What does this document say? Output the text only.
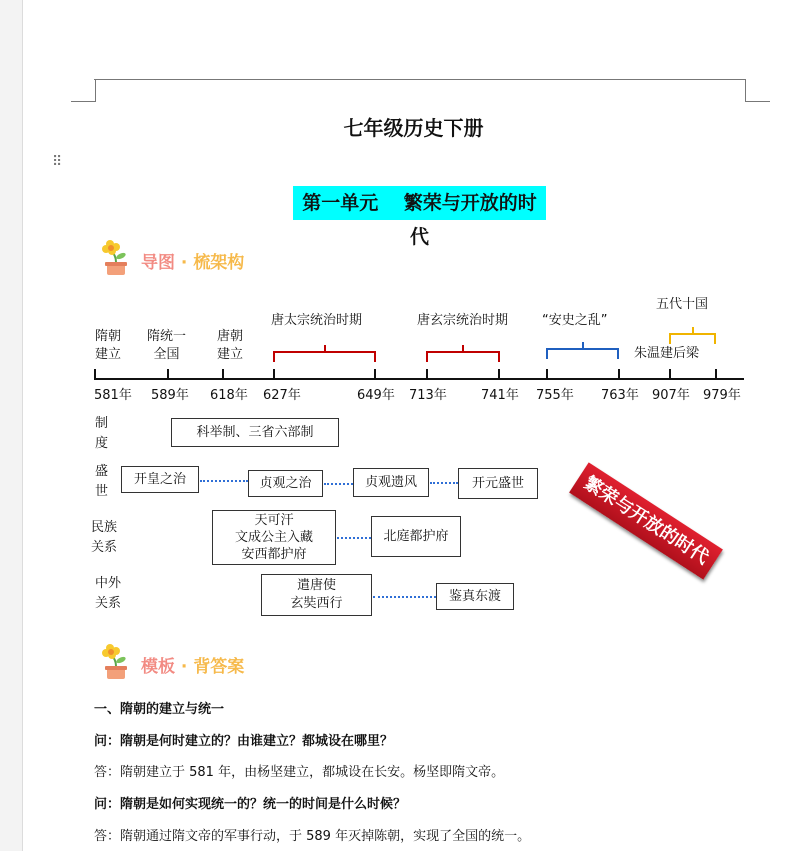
⠿
七年级历史下册
第一单元　 繁荣与开放的时代
导图 · 梳架构
隋朝
建立
隋统一
全国
唐朝
建立
唐太宗统治时期	唐玄宗统治时期	“安史之乱”
五代十国
朱温建后梁
581年 589年 618年 627年	649年 713年	741年 755年 763年 907年 979年
制
度
科举制、三省六部制
盛
世
开皇之治	贞观之治	贞观遗风	开元盛世
民族
关系
天可汗
文成公主入藏
安西都护府
北庭都护府
中外
关系
遣唐使
玄奘西行	鉴真东渡
繁荣与开放的时代
模板 · 背答案
一、隋朝的建立与统一
问：隋朝是何时建立的？由谁建立？都城设在哪里？
答：隋朝建立于 581 年，由杨坚建立，都城设在长安。杨坚即隋文帝。
问：隋朝是如何实现统一的？统一的时间是什么时候？
答：隋朝通过隋文帝的军事行动，于 589 年灭掉陈朝，实现了全国的统一。
